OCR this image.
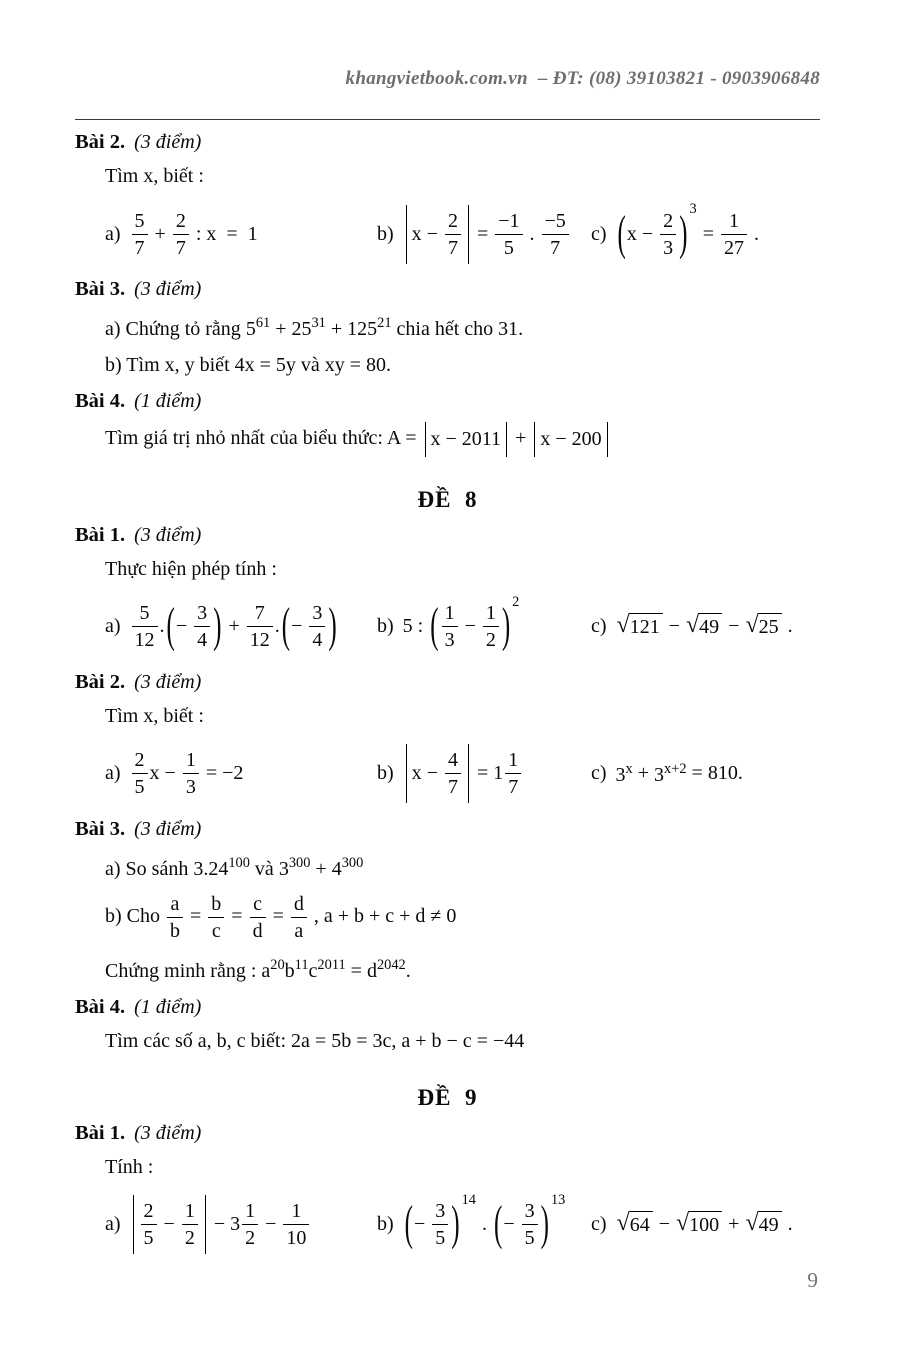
khangvietbook.com.vn  – ĐT: (08) 39103821 - 0903906848

Bài 2. (3 điểm)

Tìm x, biết :

$a) \frac{5}{7} + \frac{2}{7}$ : x  =  1	b) $x - \frac{2}{7} = \frac{-1}{5}$ . $\frac{-5}{7} c$) ( $x - \frac{2}{3}$ ) 3
= $\frac{1}{27}$ .

Bài 3. (3 điểm)

a) Chứng tỏ rằng $5^{61} + 25^{31} + 125^{21}$ chia hết cho 31.

b) Tìm x, y biết 4x = 5y và xy = 80.

Bài 4. (1 điểm)

Tìm giá trị nhỏ nhất của biểu thức: A = x − 2011 + x − 200

ĐỀ  8

Bài 1. (3 điểm)

Thực hiện phép tính :

$a) \frac{5}{12}$ . ( − $\frac{3}{4}$ ) + $\frac{7}{12}$ . ( − $\frac{3}{4}$ ) b) 5 : ( $\frac{1}{3} - \frac{1}{2}$ ) 2
c) √ 121 − √ 49 − √ 25 .

Bài 2. (3 điểm)

Tìm x, biết :

$a) \frac{2}{5}$ $x - \frac{1}{3} = -2$	b) $x - \frac{4}{7} = 1 \frac{1}{7}$	c) $3^x + 3^{x+2} = 810$.

Bài 3. (3 điểm)

a) So sánh 3.24$^{100}$ và $3^{300} + 4^{300}$

b) Cho $\frac{a}{b} = \frac{b}{c} = \frac{c}{d} = \frac{d}{a}$ , a + b + c + d ≠ 0

Chứng minh rằng : $a^{20}b^{11}c^{2011} = d^{2042}$.

Bài 4. (1 điểm)

Tìm các số a, b, c biết: 2a = 5b = 3c, a + b − c = −44

ĐỀ  9

Bài 1. (3 điểm)

Tính :

$a) \frac{2}{5} - \frac{1}{2} - 3 \frac{1}{2} - \frac{1}{10}$	b) ( − $\frac{3}{5}$ ) 14
. ( − $\frac{3}{5}$ ) 13
c) √ 64 − √ 100 + √ 49 .
9
